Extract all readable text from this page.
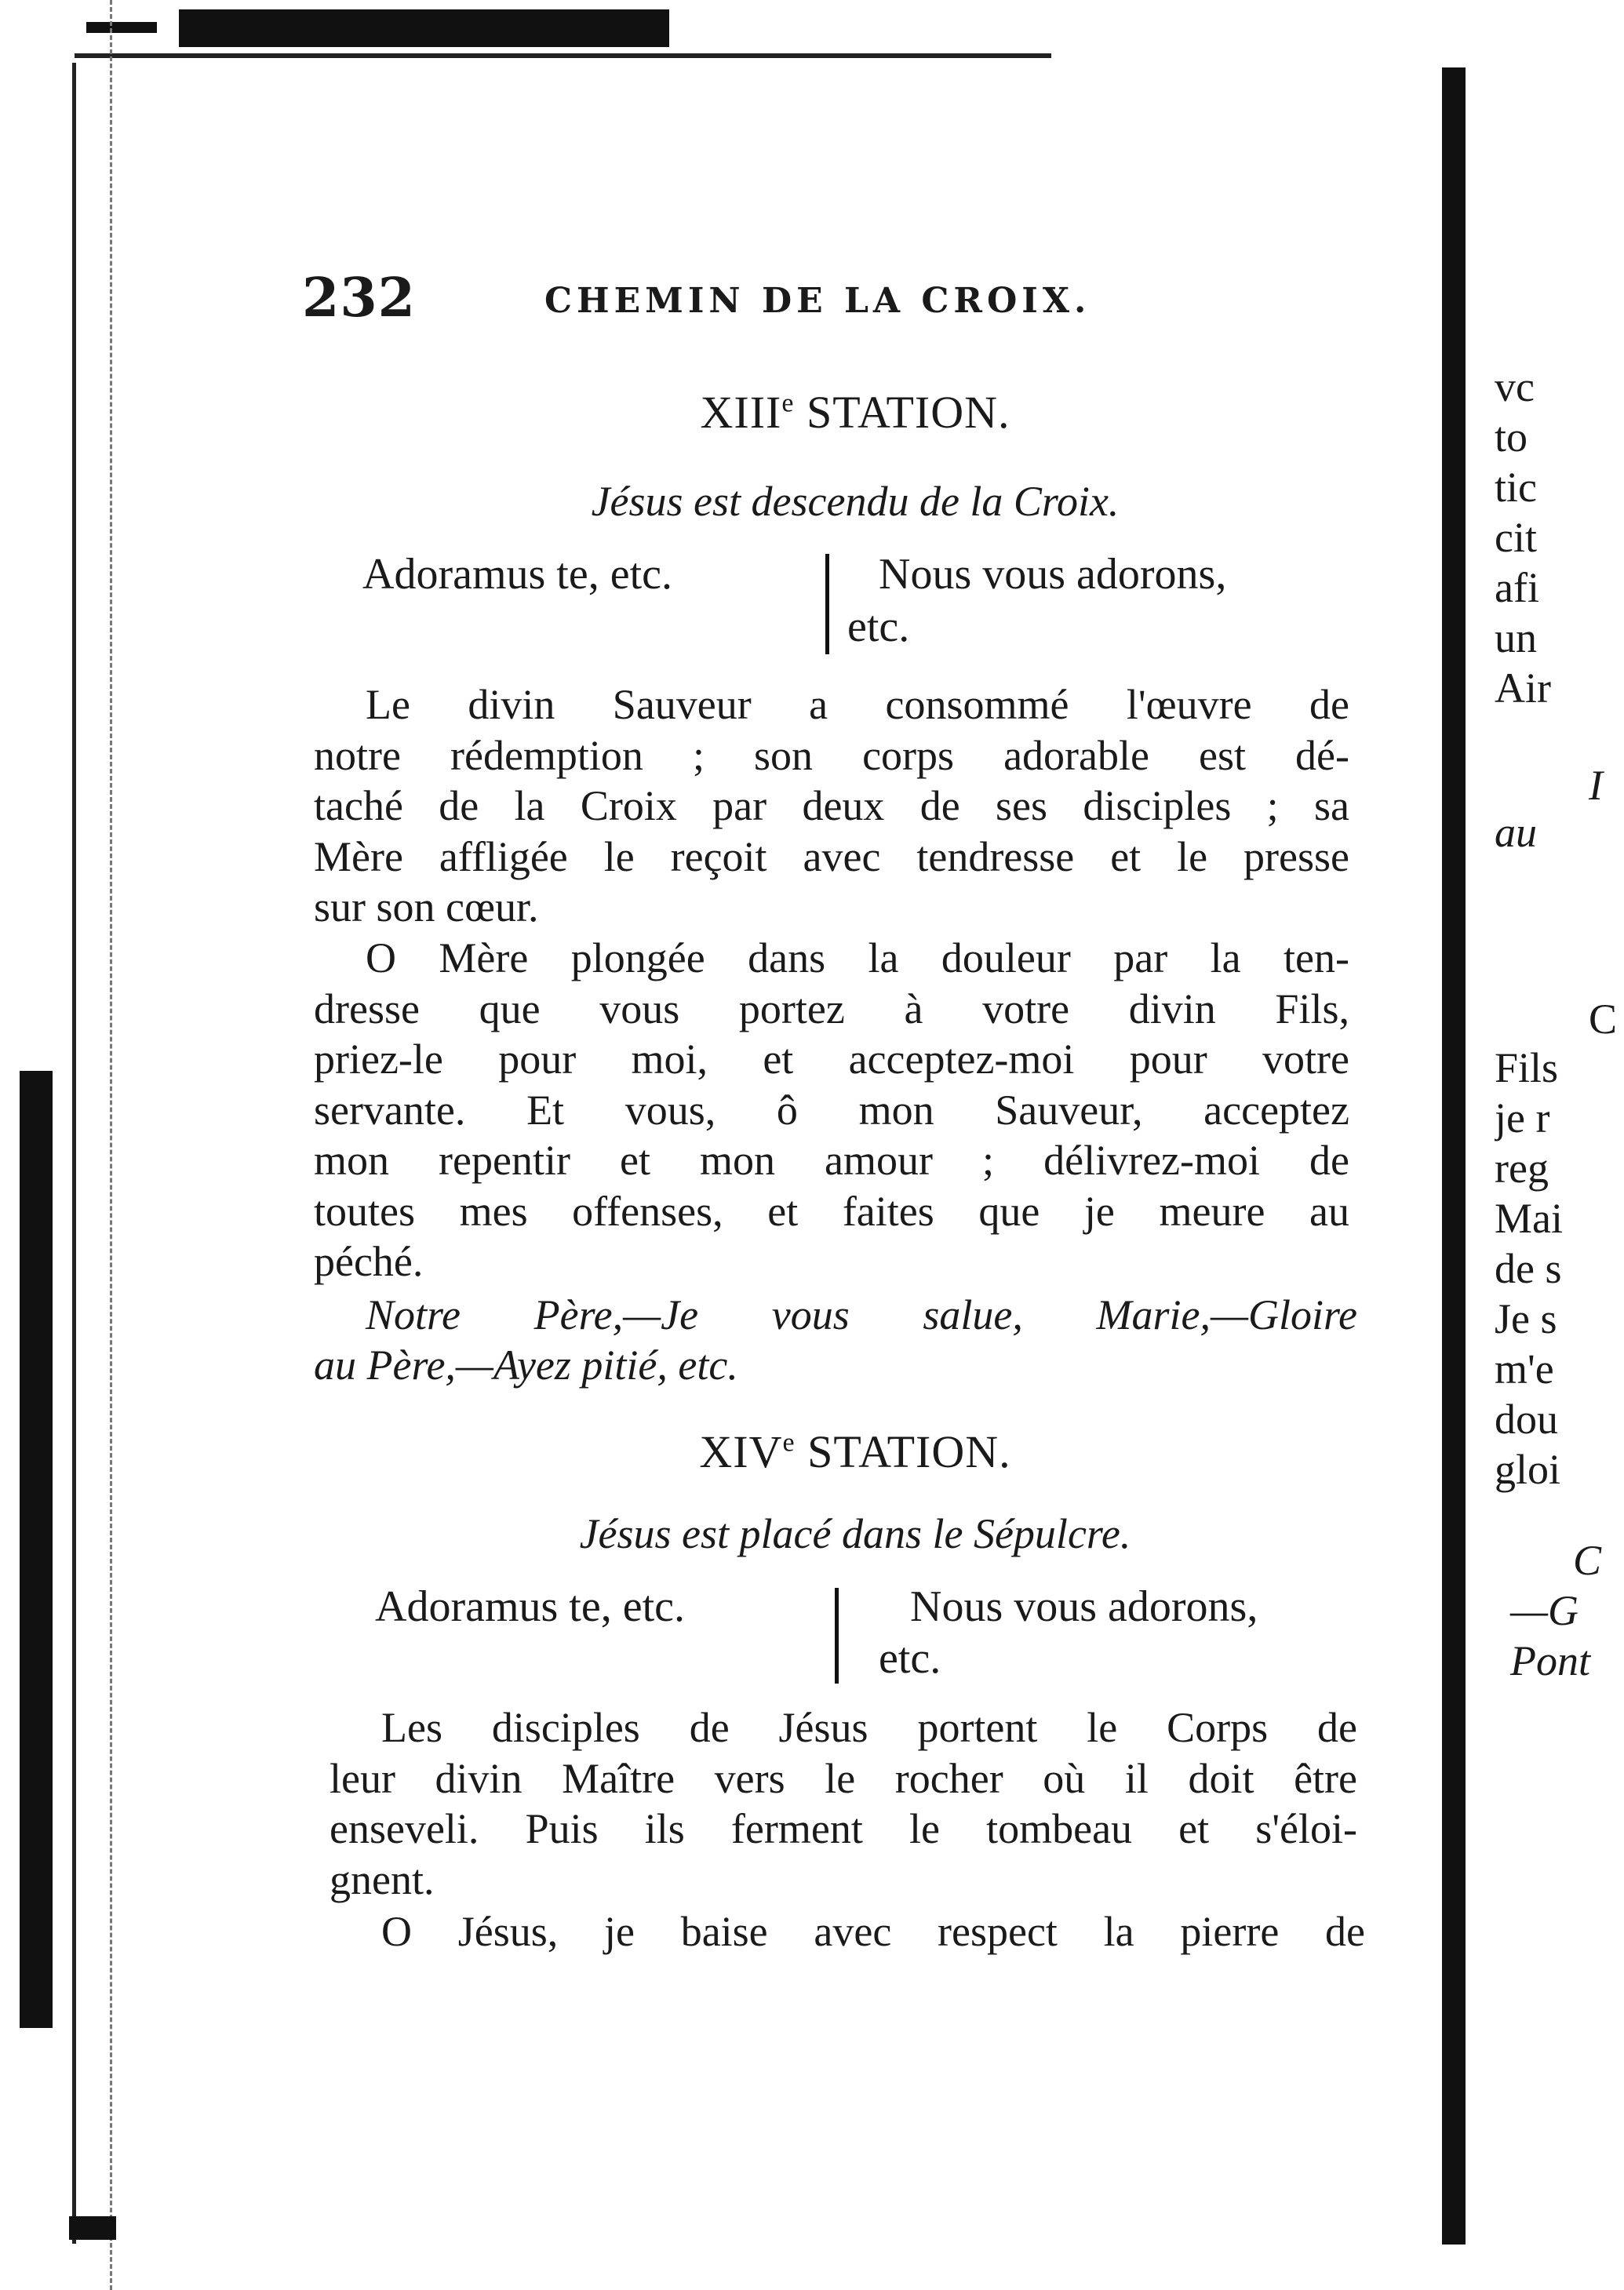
232	CHEMIN DE LA CROIX.
XIIIe STATION.
Jésus est descendu de la Croix.
Adoramus te, etc.	Nous vous adorons,
etc.
Le divin Sauveur a consommé l'œuvre de
notre rédemption ; son corps adorable est dé-
taché de la Croix par deux de ses disciples ; sa
Mère affligée le reçoit avec tendresse et le presse
sur son cœur.
O Mère plongée dans la douleur par la ten-
dresse que vous portez à votre divin Fils,
priez-le pour moi, et acceptez-moi pour votre
servante. Et vous, ô mon Sauveur, acceptez
mon repentir et mon amour ; délivrez-moi de
toutes mes offenses, et faites que je meure au
péché.
Notre Père,—Je vous salue, Marie,—Gloire
au Père,—Ayez pitié, etc.
XIVe STATION.
Jésus est placé dans le Sépulcre.
Adoramus te, etc.	Nous vous adorons,
etc.
Les disciples de Jésus portent le Corps de
leur divin Maître vers le rocher où il doit être
enseveli. Puis ils ferment le tombeau et s'éloi-
gnent.
O Jésus, je baise avec respect la pierre de
vc
to
tic
cit
afi
un
Air
I
au
C
Fils
je r
reg
Mai
de s
Je s
m'e
dou
gloi
C
—G
Pont
